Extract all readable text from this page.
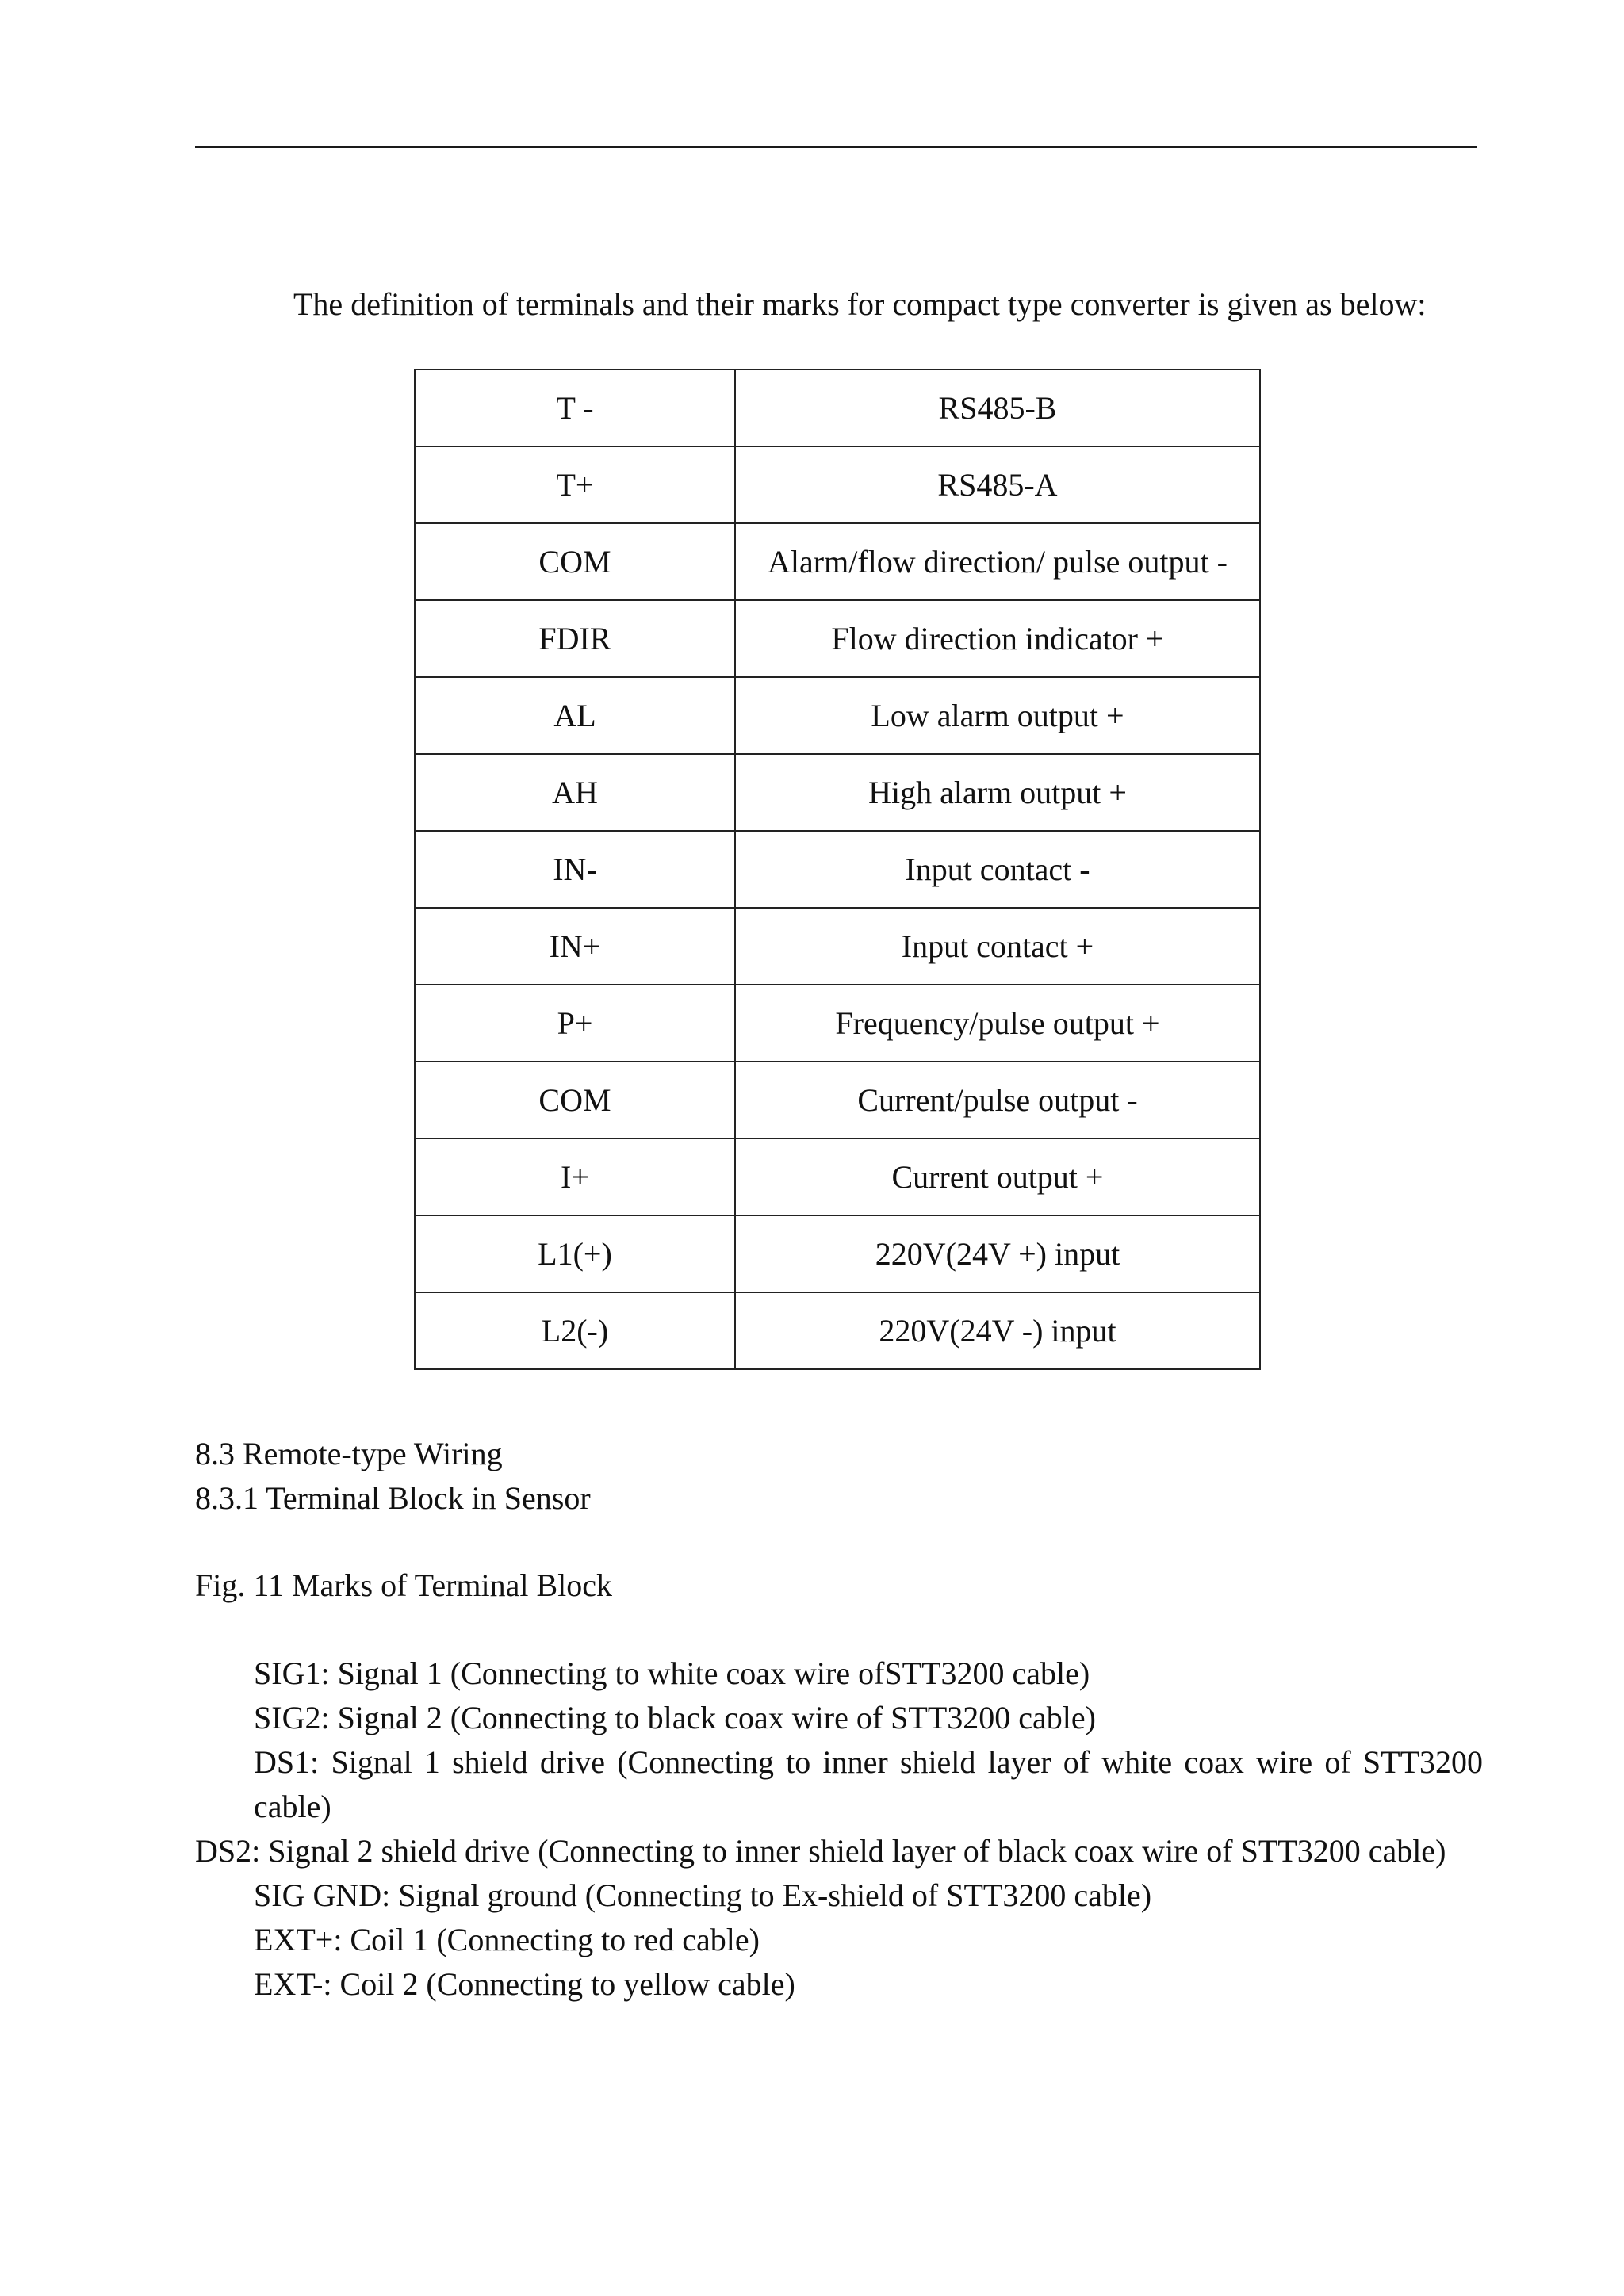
The definition of terminals and their marks for compact type converter is given as below:
T -	RS485-B
T+	RS485-A
COM	Alarm/flow direction/ pulse output -
FDIR	Flow direction indicator +
AL	Low alarm output +
AH	High alarm output +
IN-	Input contact -
IN+	Input contact +
P+	Frequency/pulse output +
COM	Current/pulse output -
I+	Current output +
L1(+)	220V(24V +) input
L2(-)	220V(24V -) input
8.3 Remote-type Wiring
8.3.1 Terminal Block in Sensor
Fig. 11 Marks of Terminal Block
SIG1: Signal 1 (Connecting to white coax wire ofSTT3200 cable)
SIG2: Signal 2 (Connecting to black coax wire of STT3200 cable)
DS1: Signal 1 shield drive (Connecting to inner shield layer of white coax wire of STT3200 cable)
DS2: Signal 2 shield drive (Connecting to inner shield layer of black coax wire of STT3200 cable)
SIG GND: Signal ground (Connecting to Ex-shield of STT3200 cable)
EXT+: Coil 1 (Connecting to red cable)
EXT-: Coil 2 (Connecting to yellow cable)
